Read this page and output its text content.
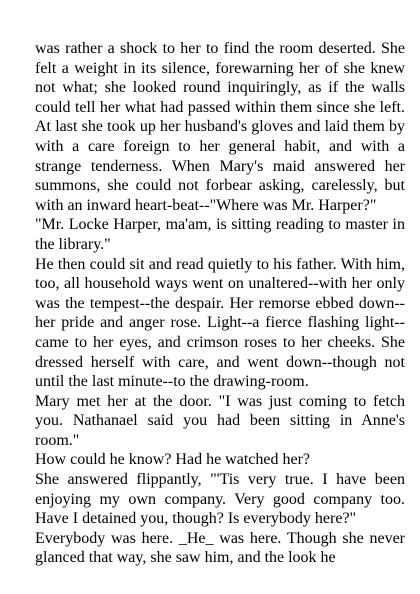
was rather a shock to her to find the room deserted. She felt a weight in its silence, forewarning her of she knew not what; she looked round inquiringly, as if the walls could tell her what had passed within them since she left. At last she took up her husband's gloves and laid them by with a care foreign to her general habit, and with a strange tenderness. When Mary's maid answered her summons, she could not forbear asking, carelessly, but with an inward heart-beat--"Where was Mr. Harper?"

"Mr. Locke Harper, ma'am, is sitting reading to master in the library."

He then could sit and read quietly to his father. With him, too, all household ways went on unaltered--with her only was the tempest--the despair. Her remorse ebbed down--her pride and anger rose. Light--a fierce flashing light--came to her eyes, and crimson roses to her cheeks. She dressed herself with care, and went down--though not until the last minute--to the drawing-room.

Mary met her at the door. "I was just coming to fetch you. Nathanael said you had been sitting in Anne's room."

How could he know? Had he watched her?

She answered flippantly, "'Tis very true. I have been enjoying my own company. Very good company too. Have I detained you, though? Is everybody here?"

Everybody was here. _He_ was here. Though she never glanced that way, she saw him, and the look he
